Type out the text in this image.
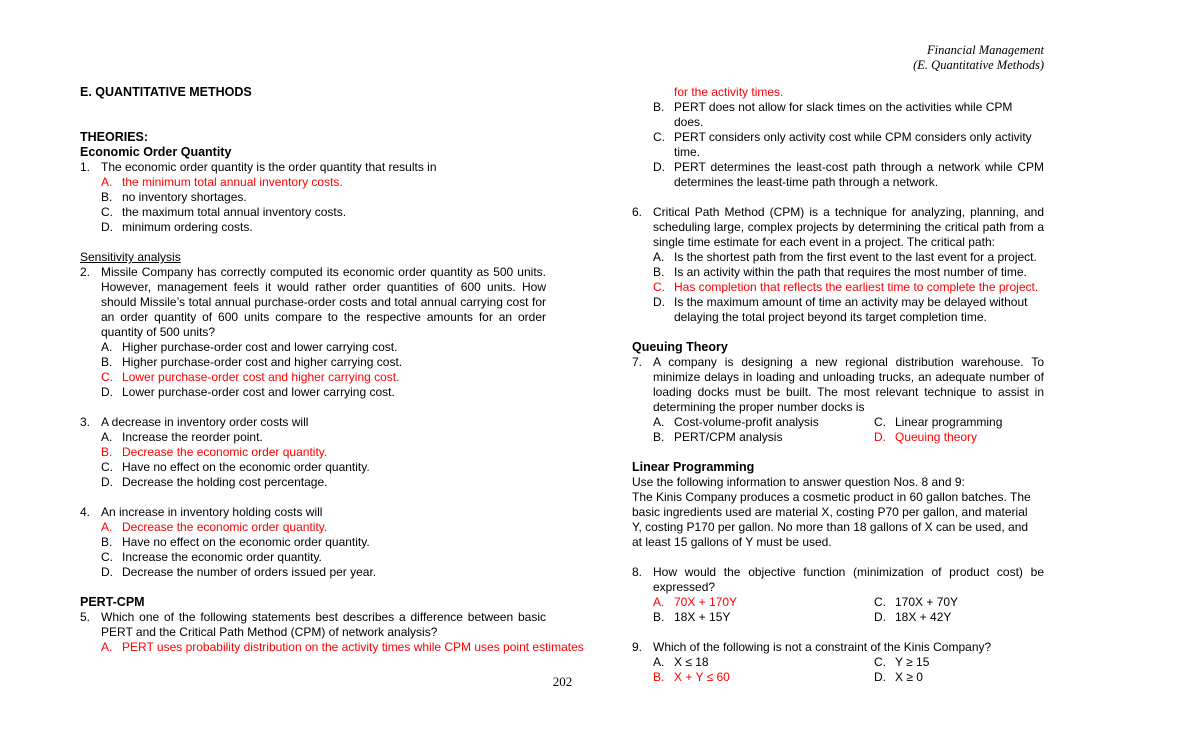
Financial Management
(E. Quantitative Methods)
E. QUANTITATIVE METHODS
THEORIES:
Economic Order Quantity
1. The economic order quantity is the order quantity that results in
A. the minimum total annual inventory costs.
B. no inventory shortages.
C. the maximum total annual inventory costs.
D. minimum ordering costs.
Sensitivity analysis
2. Missile Company has correctly computed its economic order quantity as 500 units. However, management feels it would rather order quantities of 600 units. How should Missile’s total annual purchase-order costs and total annual carrying cost for an order quantity of 600 units compare to the respective amounts for an order quantity of 500 units?
A. Higher purchase-order cost and lower carrying cost.
B. Higher purchase-order cost and higher carrying cost.
C. Lower purchase-order cost and higher carrying cost.
D. Lower purchase-order cost and lower carrying cost.
3. A decrease in inventory order costs will
A. Increase the reorder point.
B. Decrease the economic order quantity.
C. Have no effect on the economic order quantity.
D. Decrease the holding cost percentage.
4. An increase in inventory holding costs will
A. Decrease the economic order quantity.
B. Have no effect on the economic order quantity.
C. Increase the economic order quantity.
D. Decrease the number of orders issued per year.
PERT-CPM
5. Which one of the following statements best describes a difference between basic PERT and the Critical Path Method (CPM) of network analysis?
A. PERT uses probability distribution on the activity times while CPM uses point estimates
for the activity times.
B. PERT does not allow for slack times on the activities while CPM does.
C. PERT considers only activity cost while CPM considers only activity time.
D. PERT determines the least-cost path through a network while CPM determines the least-time path through a network.
6. Critical Path Method (CPM) is a technique for analyzing, planning, and scheduling large, complex projects by determining the critical path from a single time estimate for each event in a project. The critical path:
A. Is the shortest path from the first event to the last event for a project.
B. Is an activity within the path that requires the most number of time.
C. Has completion that reflects the earliest time to complete the project.
D. Is the maximum amount of time an activity may be delayed without delaying the total project beyond its target completion time.
Queuing Theory
7. A company is designing a new regional distribution warehouse. To minimize delays in loading and unloading trucks, an adequate number of loading docks must be built. The most relevant technique to assist in determining the proper number docks is
A. Cost-volume-profit analysis	C. Linear programming
B. PERT/CPM analysis	D. Queuing theory
Linear Programming
Use the following information to answer question Nos. 8 and 9:
The Kinis Company produces a cosmetic product in 60 gallon batches. The basic ingredients used are material X, costing P70 per gallon, and material Y, costing P170 per gallon. No more than 18 gallons of X can be used, and at least 15 gallons of Y must be used.
8. How would the objective function (minimization of product cost) be expressed?
A. 70X + 170Y	C. 170X + 70Y
B. 18X + 15Y	D. 18X + 42Y
9. Which of the following is not a constraint of the Kinis Company?
A. X ≤ 18	C. Y ≥ 15
B. X + Y ≤ 60	D. X ≥ 0
202
